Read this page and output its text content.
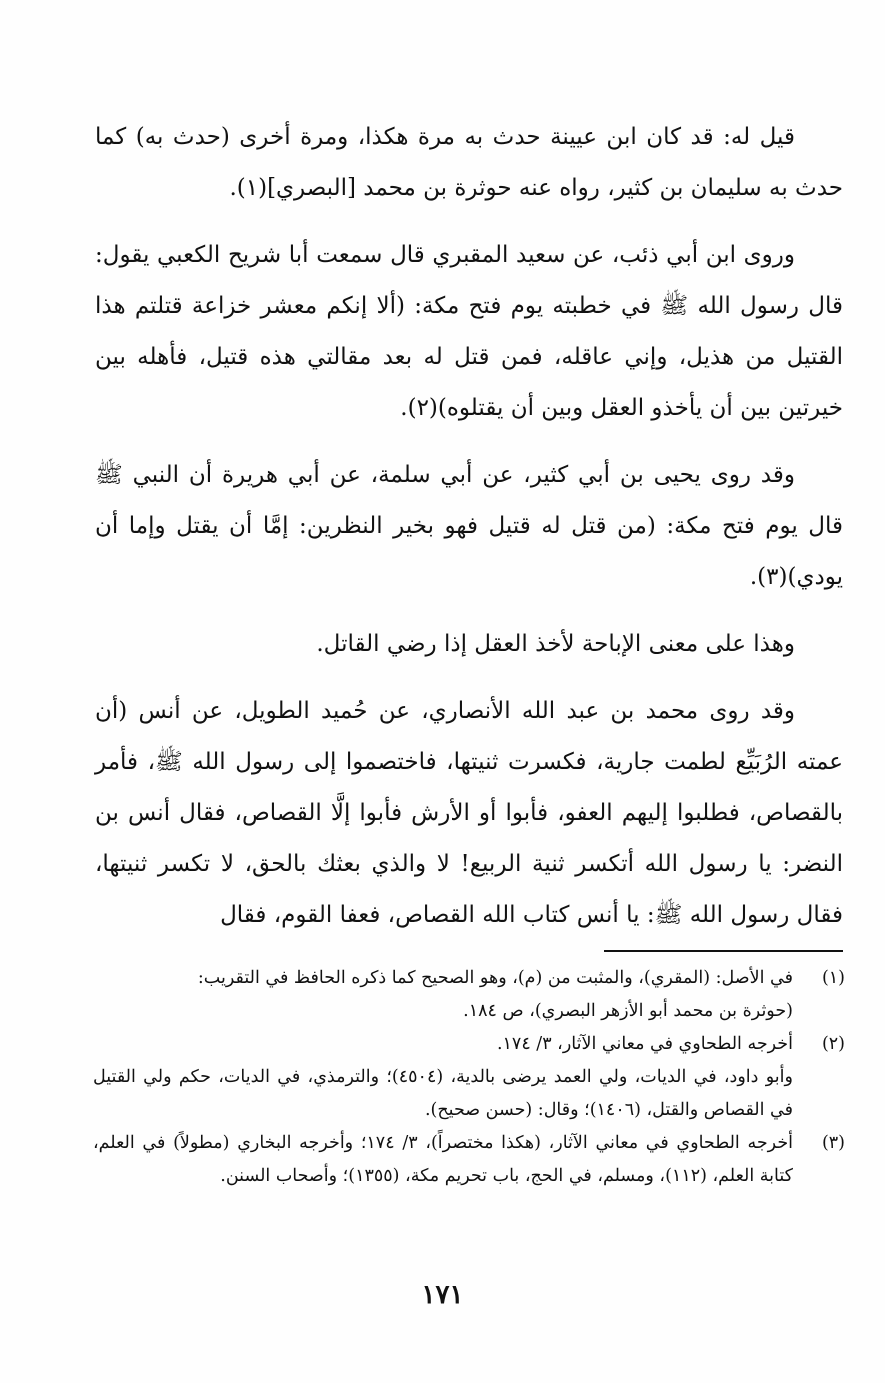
قيل له: قد كان ابن عيينة حدث به مرة هكذا، ومرة أخرى (حدث به) كما حدث به سليمان بن كثير، رواه عنه حوثرة بن محمد [البصري](١).

وروى ابن أبي ذئب، عن سعيد المقبري قال سمعت أبا شريح الكعبي يقول: قال رسول الله ﷺ في خطبته يوم فتح مكة: (ألا إنكم معشر خزاعة قتلتم هذا القتيل من هذيل، وإني عاقله، فمن قتل له بعد مقالتي هذه قتيل، فأهله بين خيرتين بين أن يأخذو العقل وبين أن يقتلوه)(٢).

وقد روى يحيى بن أبي كثير، عن أبي سلمة، عن أبي هريرة أن النبي ﷺ قال يوم فتح مكة: (من قتل له قتيل فهو بخير النظرين: إمَّا أن يقتل وإما أن يودي)(٣).

وهذا على معنى الإباحة لأخذ العقل إذا رضي القاتل.

وقد روى محمد بن عبد الله الأنصاري، عن حُميد الطويل، عن أنس (أن عمته الرُبَيِّع لطمت جارية، فكسرت ثنيتها، فاختصموا إلى رسول الله ﷺ، فأمر بالقصاص، فطلبوا إليهم العفو، فأبوا أو الأرش فأبوا إلَّا القصاص، فقال أنس بن النضر: يا رسول الله أتكسر ثنية الربيع! لا والذي بعثك بالحق، لا تكسر ثنيتها، فقال رسول الله ﷺ: يا أنس كتاب الله القصاص، فعفا القوم، فقال

(١)
في الأصل: (المقري)، والمثبت من (م)، وهو الصحيح كما ذكره الحافظ في التقريب:
(حوثرة بن محمد أبو الأزهر البصري)، ص ١٨٤.
(٢)
أخرجه الطحاوي في معاني الآثار، ٣/ ١٧٤.
وأبو داود، في الديات، ولي العمد يرضى بالدية، (٤٥٠٤)؛ والترمذي، في الديات، حكم ولي القتيل في القصاص والقتل، (١٤٠٦)؛ وقال: (حسن صحيح).
(٣)
أخرجه الطحاوي في معاني الآثار، (هكذا مختصراً)، ٣/ ١٧٤؛ وأخرجه البخاري (مطولاً) في العلم، كتابة العلم، (١١٢)، ومسلم، في الحج، باب تحريم مكة، (١٣٥٥)؛ وأصحاب السنن.
١٧١
